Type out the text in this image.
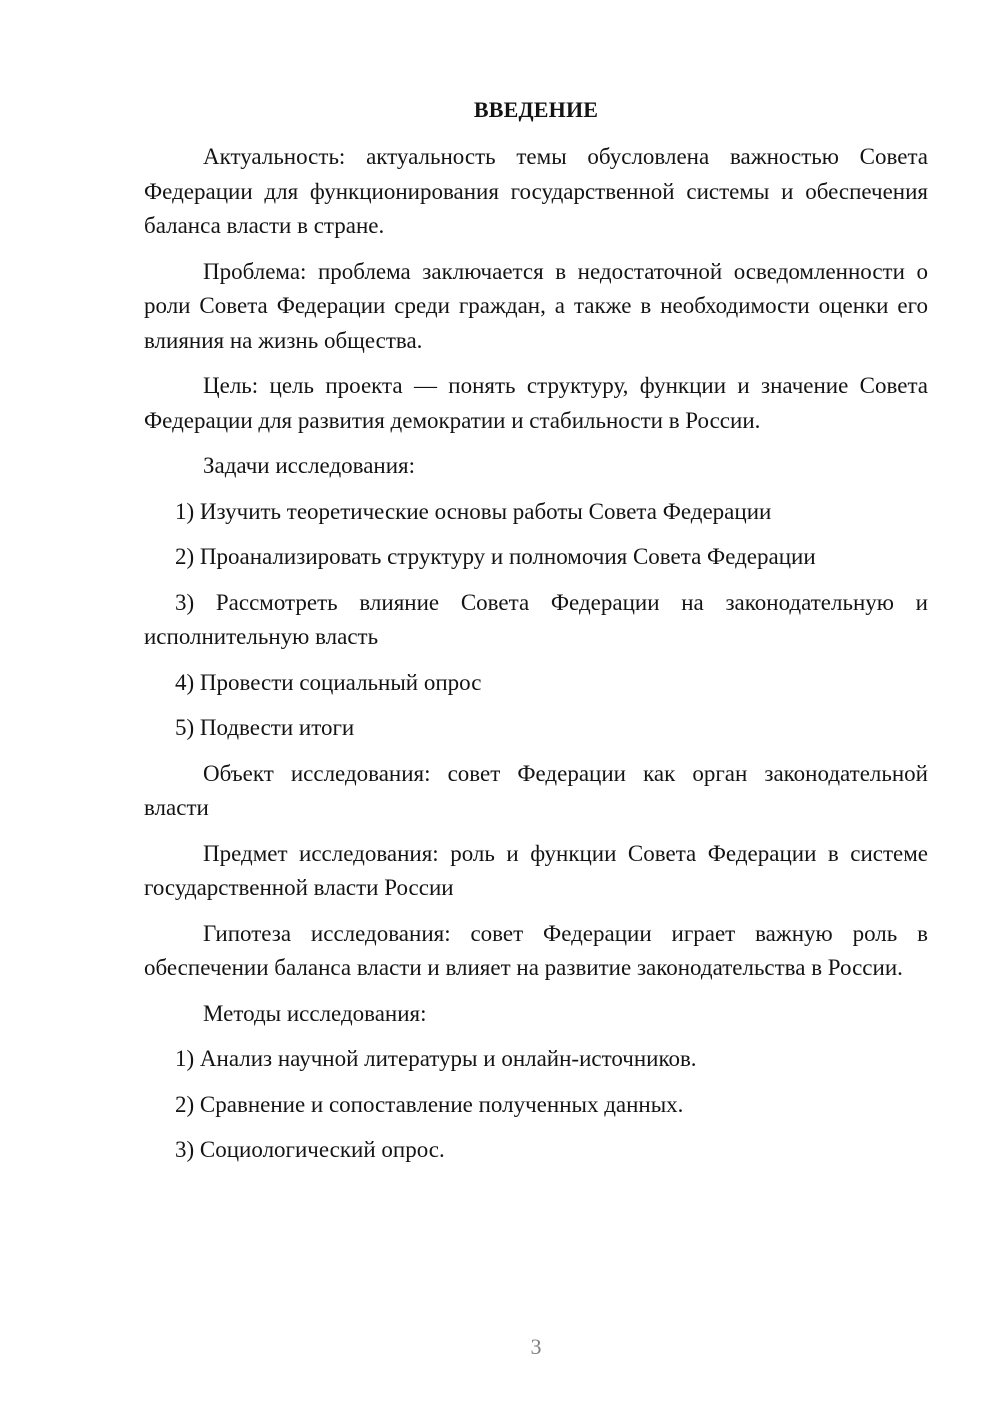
ВВЕДЕНИЕ

Актуальность: актуальность темы обусловлена важностью Совета Федерации для функционирования государственной системы и обеспечения баланса власти в стране.

Проблема: проблема заключается в недостаточной осведомленности о роли Совета Федерации среди граждан, а также в необходимости оценки его влияния на жизнь общества.

Цель: цель проекта — понять структуру, функции и значение Совета Федерации для развития демократии и стабильности в России.

Задачи исследования:

1) Изучить теоретические основы работы Совета Федерации

2) Проанализировать структуру и полномочия Совета Федерации

3) Рассмотреть влияние Совета Федерации на законодательную и исполнительную власть

4) Провести социальный опрос

5) Подвести итоги

Объект исследования: совет Федерации как орган законодательной власти

Предмет исследования: роль и функции Совета Федерации в системе государственной власти России

Гипотеза исследования: совет Федерации играет важную роль в обеспечении баланса власти и влияет на развитие законодательства в России.

Методы исследования:

1) Анализ научной литературы и онлайн-источников.

2) Сравнение и сопоставление полученных данных.

3) Социологический опрос.

3
